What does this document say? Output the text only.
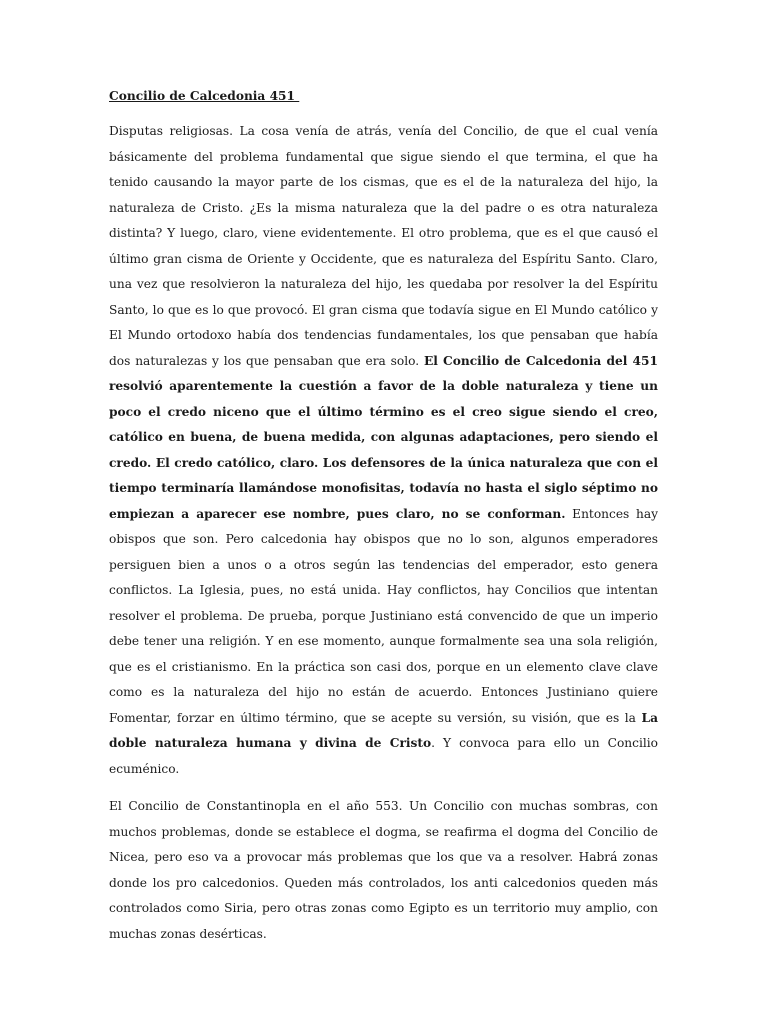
Concilio de Calcedonia 451

Disputas religiosas. La cosa venía de atrás, venía del Concilio, de que el cual venía básicamente del problema fundamental que sigue siendo el que termina, el que ha tenido causando la mayor parte de los cismas, que es el de la naturaleza del hijo, la naturaleza de Cristo. ¿Es la misma naturaleza que la del padre o es otra naturaleza distinta? Y luego, claro, viene evidentemente. El otro problema, que es el que causó el último gran cisma de Oriente y Occidente, que es naturaleza del Espíritu Santo. Claro, una vez que resolvieron la naturaleza del hijo, les quedaba por resolver la del Espíritu Santo, lo que es lo que provocó. El gran cisma que todavía sigue en El Mundo católico y El Mundo ortodoxo había dos tendencias fundamentales, los que pensaban que había dos naturalezas y los que pensaban que era solo. El Concilio de Calcedonia del 451 resolvió aparentemente la cuestión a favor de la doble naturaleza y tiene un poco el credo niceno que el último término es el creo sigue siendo el creo, católico en buena, de buena medida, con algunas adaptaciones, pero siendo el credo. El credo católico, claro. Los defensores de la única naturaleza que con el tiempo terminaría llamándose monofisitas, todavía no hasta el siglo séptimo no empiezan a aparecer ese nombre, pues claro, no se conforman. Entonces hay obispos que son. Pero calcedonia hay obispos que no lo son, algunos emperadores persiguen bien a unos o a otros según las tendencias del emperador, esto genera conflictos. La Iglesia, pues, no está unida. Hay conflictos, hay Concilios que intentan resolver el problema. De prueba, porque Justiniano está convencido de que un imperio debe tener una religión. Y en ese momento, aunque formalmente sea una sola religión, que es el cristianismo. En la práctica son casi dos, porque en un elemento clave clave como es la naturaleza del hijo no están de acuerdo. Entonces Justiniano quiere Fomentar, forzar en último término, que se acepte su versión, su visión, que es la La doble naturaleza humana y divina de Cristo. Y convoca para ello un Concilio ecuménico.

El Concilio de Constantinopla en el año 553. Un Concilio con muchas sombras, con muchos problemas, donde se establece el dogma, se reafirma el dogma del Concilio de Nicea, pero eso va a provocar más problemas que los que va a resolver. Habrá zonas donde los pro calcedonios. Queden más controlados, los anti calcedonios queden más controlados como Siria, pero otras zonas como Egipto es un territorio muy amplio, con muchas zonas desérticas.
